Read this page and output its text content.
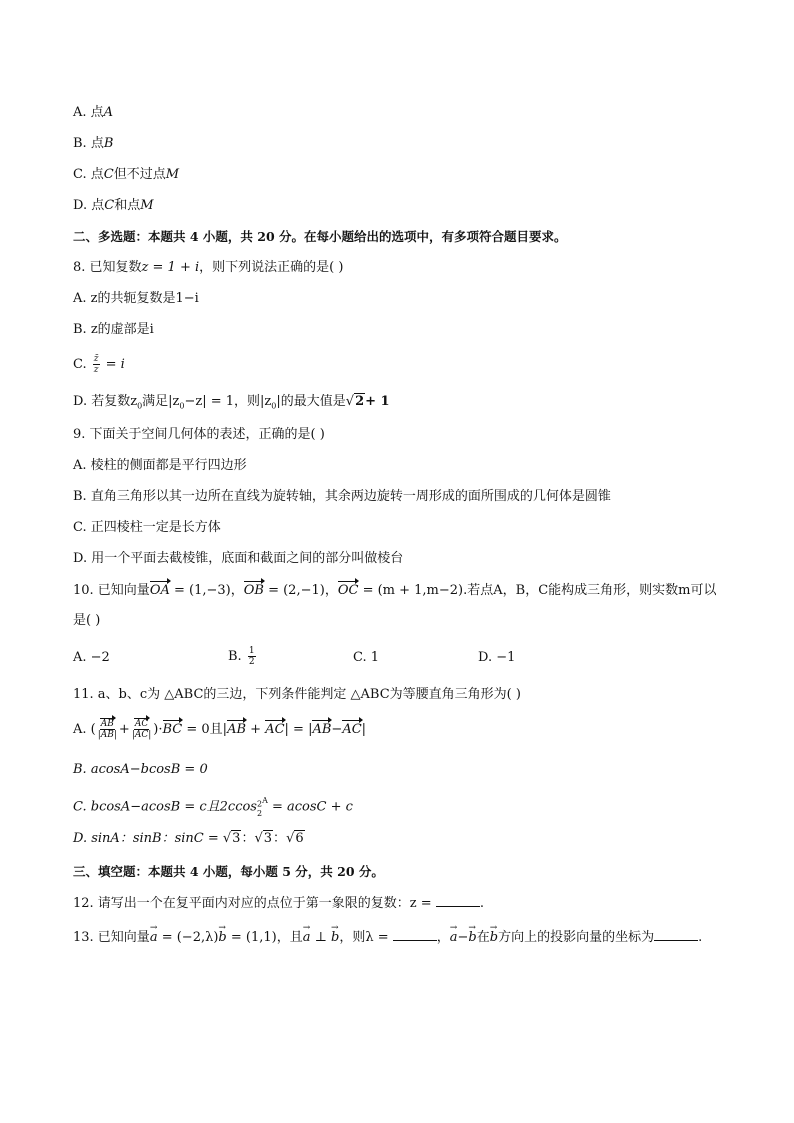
A. 点A
B. 点B
C. 点C但不过点M
D. 点C和点M
二、多选题：本题共 4 小题，共 20 分。在每小题给出的选项中，有多项符合题目要求。
8. 已知复数z = 1 + i，则下列说法正确的是( )
A. z的共轭复数是1−i
B. z的虚部是i
C. $\frac{z̄}{z} = i$
D. 若复数$z_0$满足$|z_0-z| = 1$，则$|z_0|$的最大值是√2+ 1
9. 下面关于空间几何体的表述，正确的是( )
A. 棱柱的侧面都是平行四边形
B. 直角三角形以其一边所在直线为旋转轴，其余两边旋转一周形成的面所围成的几何体是圆锥
C. 正四棱柱一定是长方体
D. 用一个平面去截棱锥，底面和截面之间的部分叫做棱台
10. 已知向量OA = (1,−3)，OB = (2,−1)，OC = (m + 1,m−2).若点A，B，C能构成三角形，则实数m可以
是( )
A. −2	B. $\frac{1}{2}$	C. 1	D. −1
11. a、b、c为 △ABC的三边，下列条件能判定 △ABC为等腰直角三角形为( )
A. ( $\frac{AB}{|AB|} + \frac{AC}{|AC|} )\cdot BC = 0$且|AB + AC| = |AB−AC|
B. acosA−bcosB = 0
C. bcosA−acosB = c且2ccos $2^A$
2 = acosC + c
D. sinA：sinB：sinC = √3：√3：√6
三、填空题：本题共 4 小题，每小题 5 分，共 20 分。
12. 请写出一个在复平面内对应的点位于第一象限的复数：z =	.
13. 已知向量→ a = (−2,λ)→ b = (1,1)，且→ a ⊥ → b，则λ =	，→ a−→ b在→ b方向上的投影向量的坐标为	.
